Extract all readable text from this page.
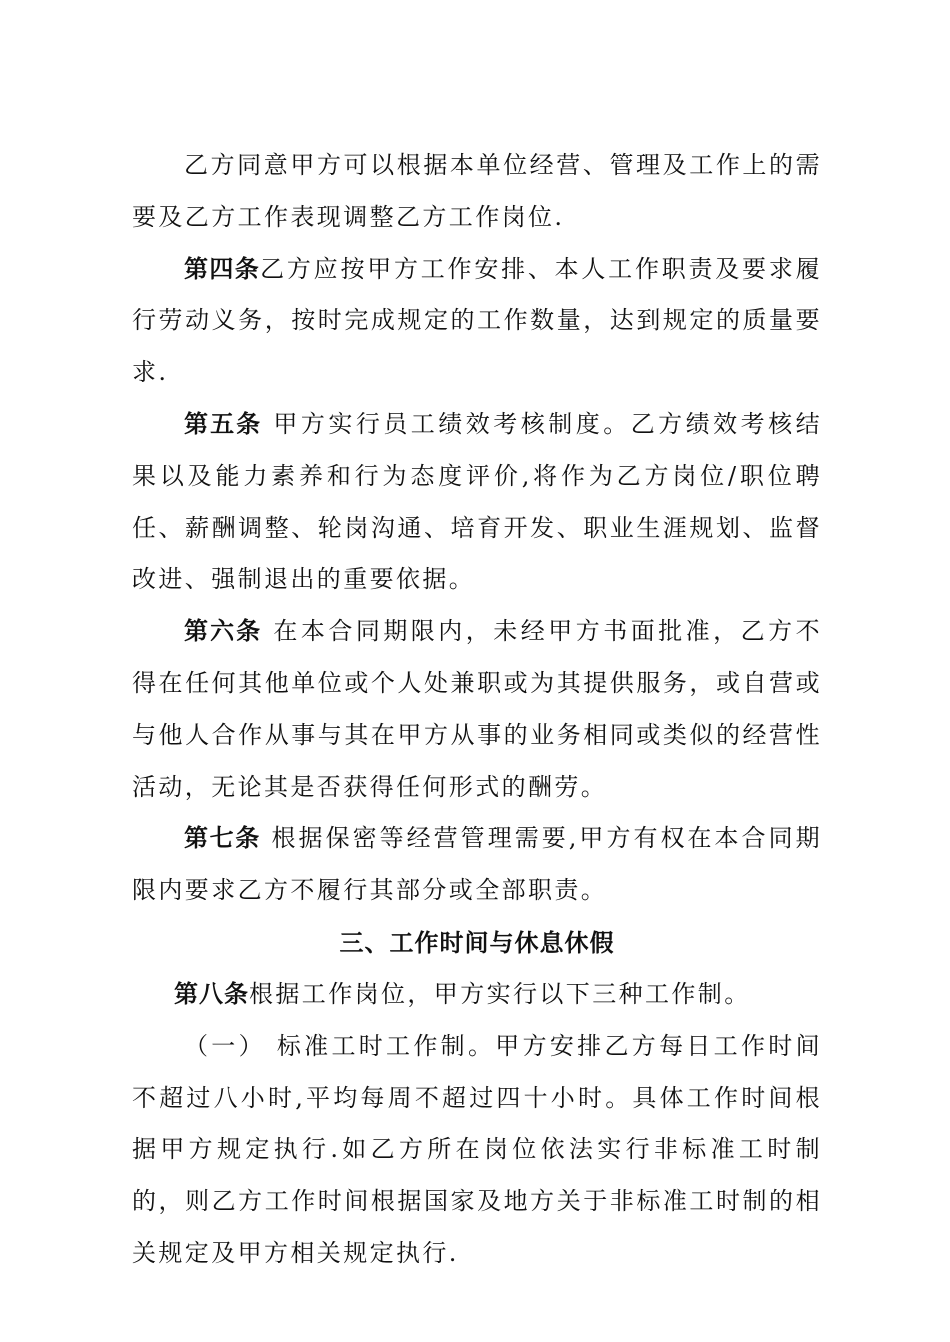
乙方同意甲方可以根据本单位经营、管理及工作上的需要及乙方工作表现调整乙方工作岗位.

第四条乙方应按甲方工作安排、本人工作职责及要求履行劳动义务，按时完成规定的工作数量，达到规定的质量要求.

第五条 甲方实行员工绩效考核制度。乙方绩效考核结果以及能力素养和行为态度评价,将作为乙方岗位/职位聘任、薪酬调整、轮岗沟通、培育开发、职业生涯规划、监督改进、强制退出的重要依据。

第六条 在本合同期限内，未经甲方书面批准，乙方不得在任何其他单位或个人处兼职或为其提供服务，或自营或与他人合作从事与其在甲方从事的业务相同或类似的经营性活动，无论其是否获得任何形式的酬劳。

第七条 根据保密等经营管理需要,甲方有权在本合同期限内要求乙方不履行其部分或全部职责。

三、工作时间与休息休假

第八条根据工作岗位，甲方实行以下三种工作制。

（一） 标准工时工作制。甲方安排乙方每日工作时间不超过八小时,平均每周不超过四十小时。具体工作时间根据甲方规定执行.如乙方所在岗位依法实行非标准工时制的，则乙方工作时间根据国家及地方关于非标准工时制的相关规定及甲方相关规定执行.
